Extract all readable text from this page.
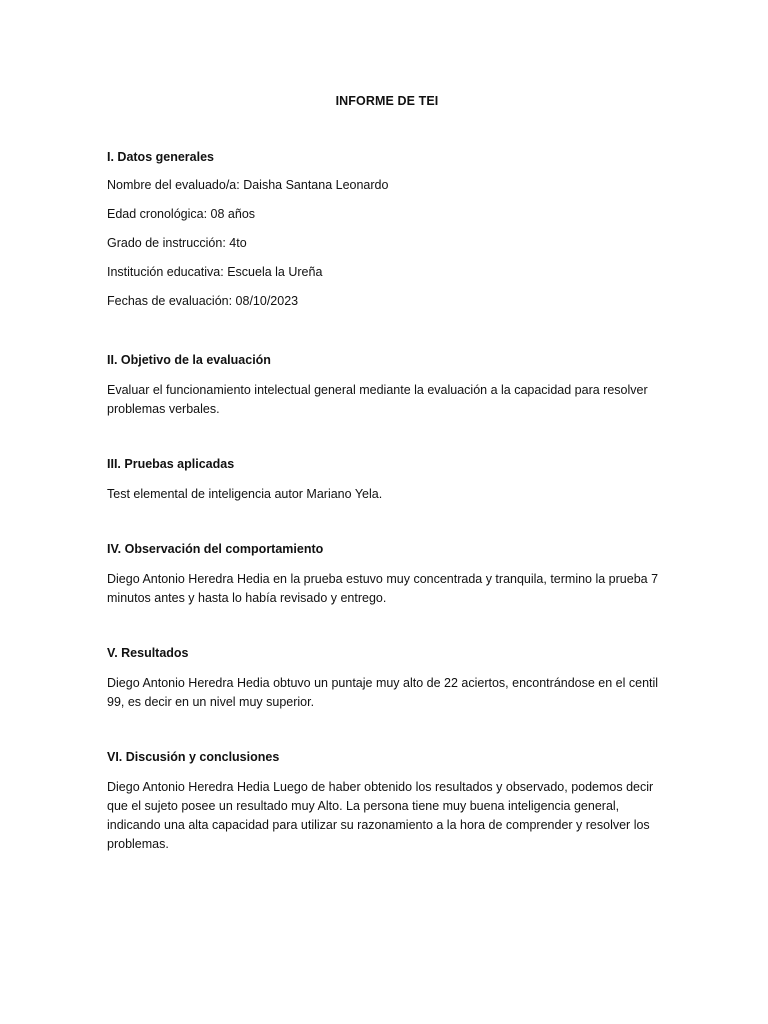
INFORME DE TEI
I. Datos generales
Nombre del evaluado/a: Daisha Santana Leonardo
Edad cronológica: 08 años
Grado de instrucción: 4to
Institución educativa: Escuela la Ureña
Fechas de evaluación: 08/10/2023
II. Objetivo de la evaluación

Evaluar el funcionamiento intelectual general mediante la evaluación a la capacidad para resolver problemas verbales.

III. Pruebas aplicadas

Test elemental de inteligencia autor Mariano Yela.

IV. Observación del comportamiento

Diego Antonio Heredra Hedia en la prueba estuvo muy concentrada y tranquila, termino la prueba 7 minutos antes y hasta lo había revisado y entrego.

V. Resultados

Diego Antonio Heredra Hedia obtuvo un puntaje muy alto de 22 aciertos, encontrándose en el centil 99, es decir en un nivel muy superior.

VI. Discusión y conclusiones

Diego Antonio Heredra Hedia Luego de haber obtenido los resultados y observado, podemos decir que el sujeto posee un resultado muy Alto. La persona tiene muy buena inteligencia general, indicando una alta capacidad para utilizar su razonamiento a la hora de comprender y resolver los problemas.
